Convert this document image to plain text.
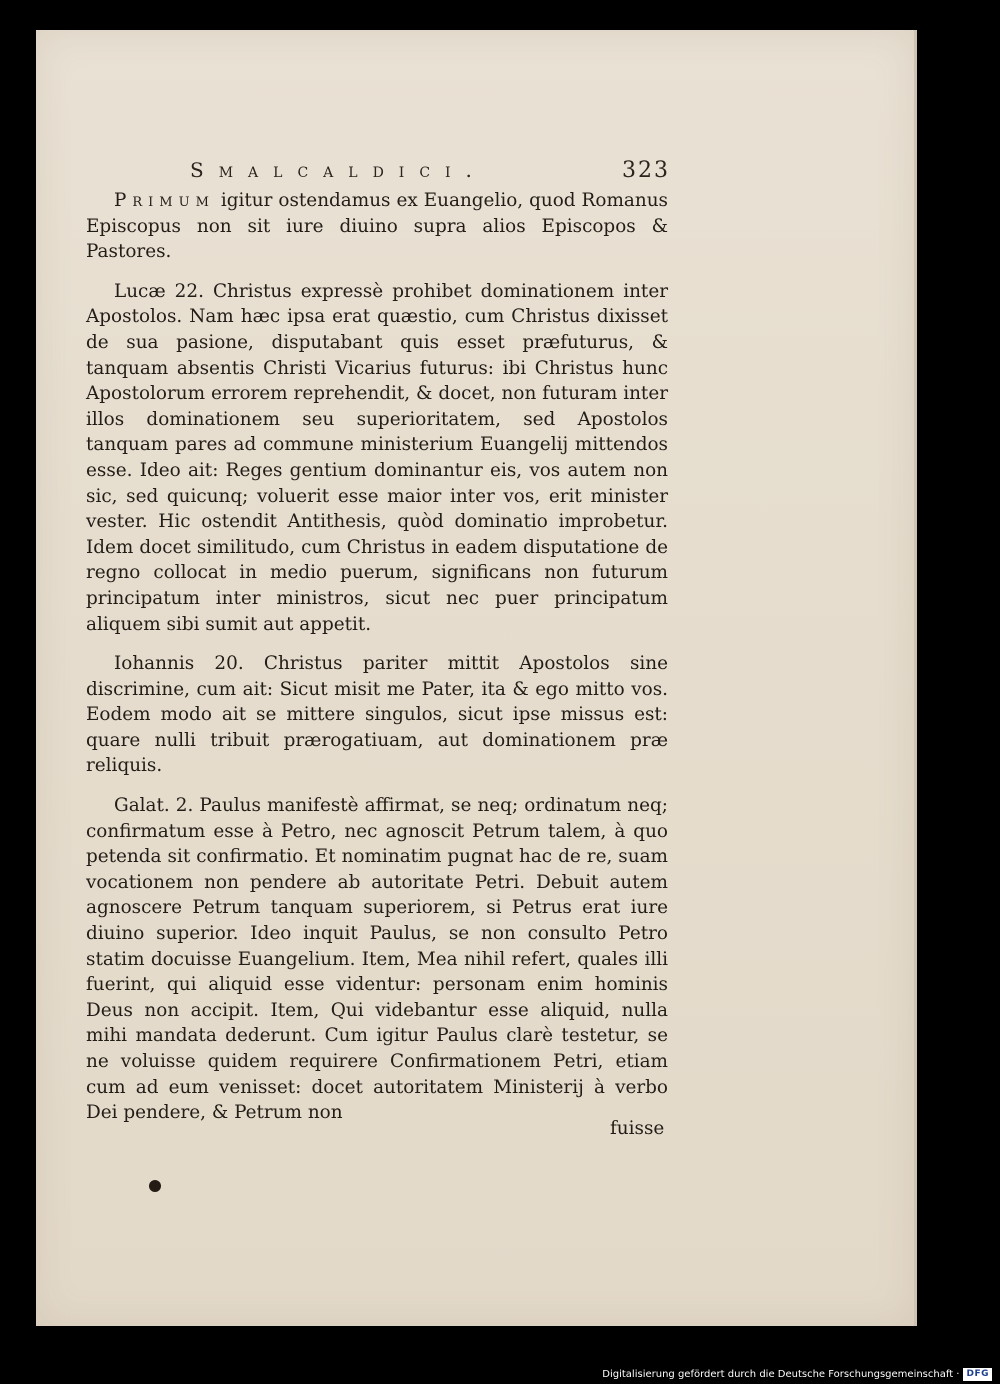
Smalcaldici.	323

Primum igitur ostendamus ex Euangelio, quod Romanus Episcopus non sit iure diuino supra alios Episcopos & Pastores.

Lucæ 22. Christus expressè prohibet dominationem inter Apostolos. Nam hæc ipsa erat quæstio, cum Christus dixisset de sua pasione, disputabant quis esset præfuturus, & tanquam absentis Christi Vicarius futurus: ibi Christus hunc Apostolorum errorem reprehendit, & docet, non futuram inter illos dominationem seu superioritatem, sed Apostolos tanquam pares ad commune ministerium Euangelij mittendos esse. Ideo ait: Reges gentium dominantur eis, vos autem non sic, sed quicunq; voluerit esse maior inter vos, erit minister vester. Hic ostendit Antithesis, quòd dominatio improbetur. Idem docet similitudo, cum Christus in eadem disputatione de regno collocat in medio puerum, significans non futurum principatum inter ministros, sicut nec puer principatum aliquem sibi sumit aut appetit.

Iohannis 20. Christus pariter mittit Apostolos sine discrimine, cum ait: Sicut misit me Pater, ita & ego mitto vos. Eodem modo ait se mittere singulos, sicut ipse missus est: quare nulli tribuit prærogatiuam, aut dominationem præ reliquis.

Galat. 2. Paulus manifestè affirmat, se neq; ordinatum neq; confirmatum esse à Petro, nec agnoscit Petrum talem, à quo petenda sit confirmatio. Et nominatim pugnat hac de re, suam vocationem non pendere ab autoritate Petri. Debuit autem agnoscere Petrum tanquam superiorem, si Petrus erat iure diuino superior. Ideo inquit Paulus, se non consulto Petro statim docuisse Euangelium. Item, Mea nihil refert, quales illi fuerint, qui aliquid esse videntur: personam enim hominis Deus non accipit. Item, Qui videbantur esse aliquid, nulla mihi mandata dederunt. Cum igitur Paulus clarè testetur, se ne voluisse quidem requirere Confirmationem Petri, etiam cum ad eum venisset: docet autoritatem Ministerij à verbo Dei pendere, & Petrum non

fuisse
Digitalisierung gefördert durch die Deutsche Forschungsgemeinschaft · DFG
